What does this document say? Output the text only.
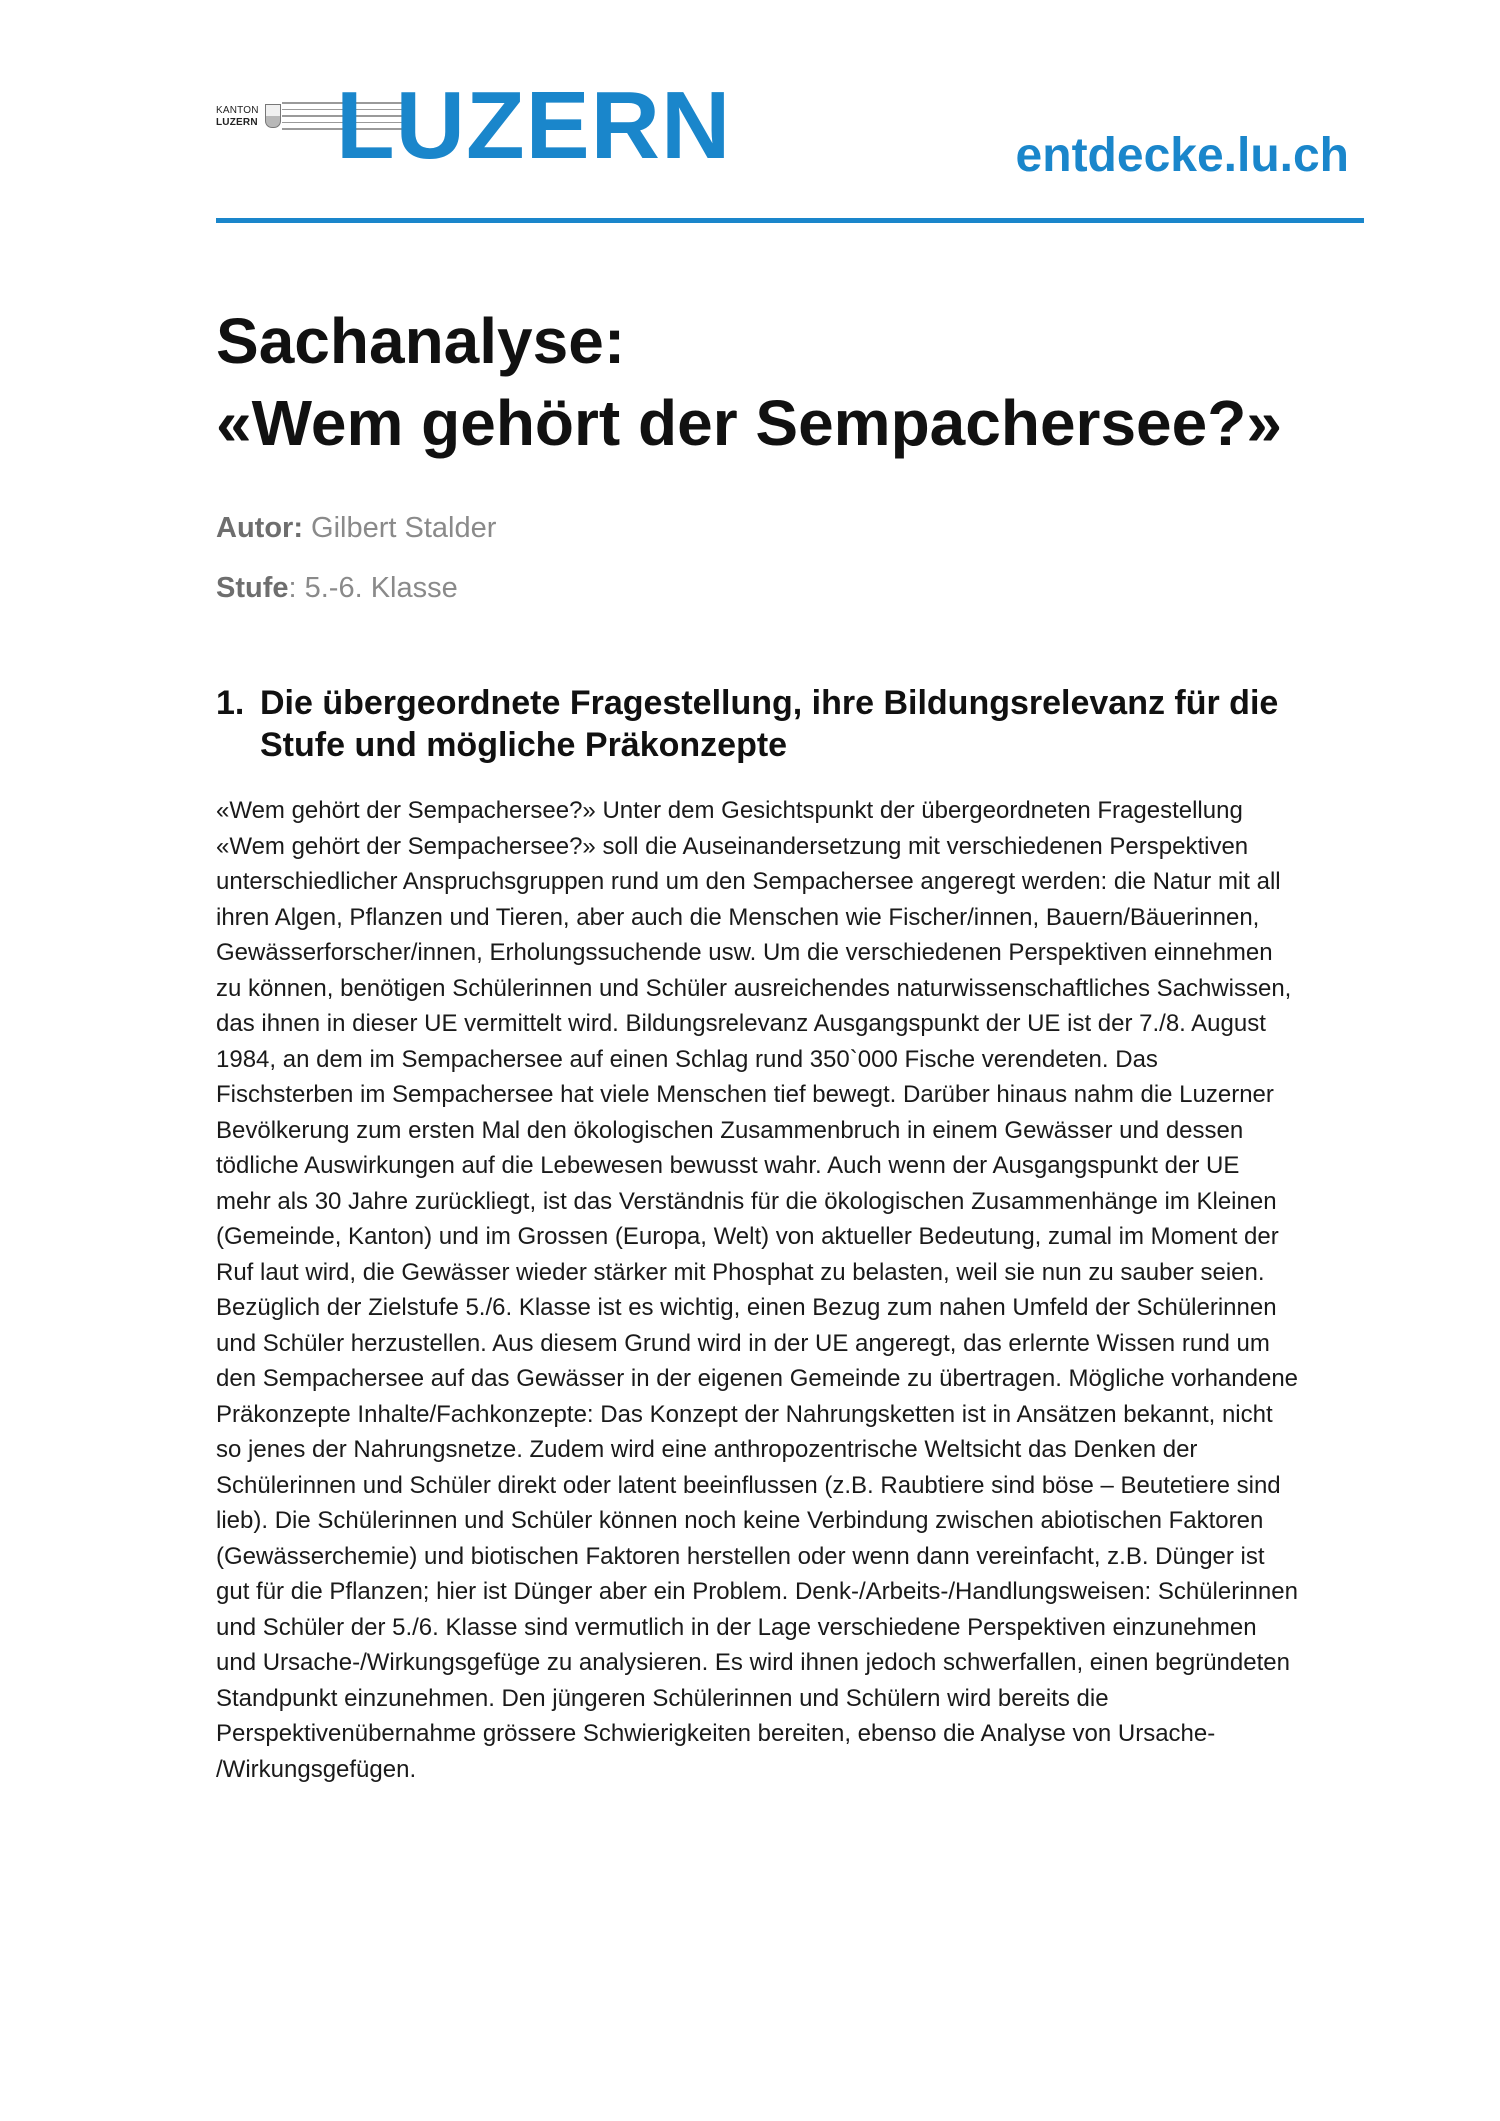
KANTON
LUZERN LUZERN	entdecke.lu.ch
Sachanalyse:
«Wem gehört der Sempachersee?»
Autor: Gilbert Stalder
Stufe: 5.-6. Klasse
1. Die übergeordnete Fragestellung, ihre Bildungsrelevanz für die
Stufe und mögliche Präkonzepte

«Wem gehört der Sempachersee?» Unter dem Gesichtspunkt der übergeordneten Fragestellung
«Wem gehört der Sempachersee?» soll die Auseinandersetzung mit verschiedenen Perspektiven
unterschiedlicher Anspruchsgruppen rund um den Sempachersee angeregt werden: die Natur mit all
ihren Algen, Pflanzen und Tieren, aber auch die Menschen wie Fischer/innen, Bauern/Bäuerinnen,
Gewässerforscher/innen, Erholungssuchende usw. Um die verschiedenen Perspektiven einnehmen
zu können, benötigen Schülerinnen und Schüler ausreichendes naturwissenschaftliches Sachwissen,
das ihnen in dieser UE vermittelt wird. Bildungsrelevanz Ausgangspunkt der UE ist der 7./8. August
1984, an dem im Sempachersee auf einen Schlag rund 350`000 Fische verendeten. Das
Fischsterben im Sempachersee hat viele Menschen tief bewegt. Darüber hinaus nahm die Luzerner
Bevölkerung zum ersten Mal den ökologischen Zusammenbruch in einem Gewässer und dessen
tödliche Auswirkungen auf die Lebewesen bewusst wahr. Auch wenn der Ausgangspunkt der UE
mehr als 30 Jahre zurückliegt, ist das Verständnis für die ökologischen Zusammenhänge im Kleinen
(Gemeinde, Kanton) und im Grossen (Europa, Welt) von aktueller Bedeutung, zumal im Moment der
Ruf laut wird, die Gewässer wieder stärker mit Phosphat zu belasten, weil sie nun zu sauber seien.
Bezüglich der Zielstufe 5./6. Klasse ist es wichtig, einen Bezug zum nahen Umfeld der Schülerinnen
und Schüler herzustellen. Aus diesem Grund wird in der UE angeregt, das erlernte Wissen rund um
den Sempachersee auf das Gewässer in der eigenen Gemeinde zu übertragen. Mögliche vorhandene
Präkonzepte Inhalte/Fachkonzepte: Das Konzept der Nahrungsketten ist in Ansätzen bekannt, nicht
so jenes der Nahrungsnetze. Zudem wird eine anthropozentrische Weltsicht das Denken der
Schülerinnen und Schüler direkt oder latent beeinflussen (z.B. Raubtiere sind böse – Beutetiere sind
lieb). Die Schülerinnen und Schüler können noch keine Verbindung zwischen abiotischen Faktoren
(Gewässerchemie) und biotischen Faktoren herstellen oder wenn dann vereinfacht, z.B. Dünger ist
gut für die Pflanzen; hier ist Dünger aber ein Problem. Denk-/Arbeits-/Handlungsweisen: Schülerinnen
und Schüler der 5./6. Klasse sind vermutlich in der Lage verschiedene Perspektiven einzunehmen
und Ursache-/Wirkungsgefüge zu analysieren. Es wird ihnen jedoch schwerfallen, einen begründeten
Standpunkt einzunehmen. Den jüngeren Schülerinnen und Schülern wird bereits die
Perspektivenübernahme grössere Schwierigkeiten bereiten, ebenso die Analyse von Ursache-
/Wirkungsgefügen.
